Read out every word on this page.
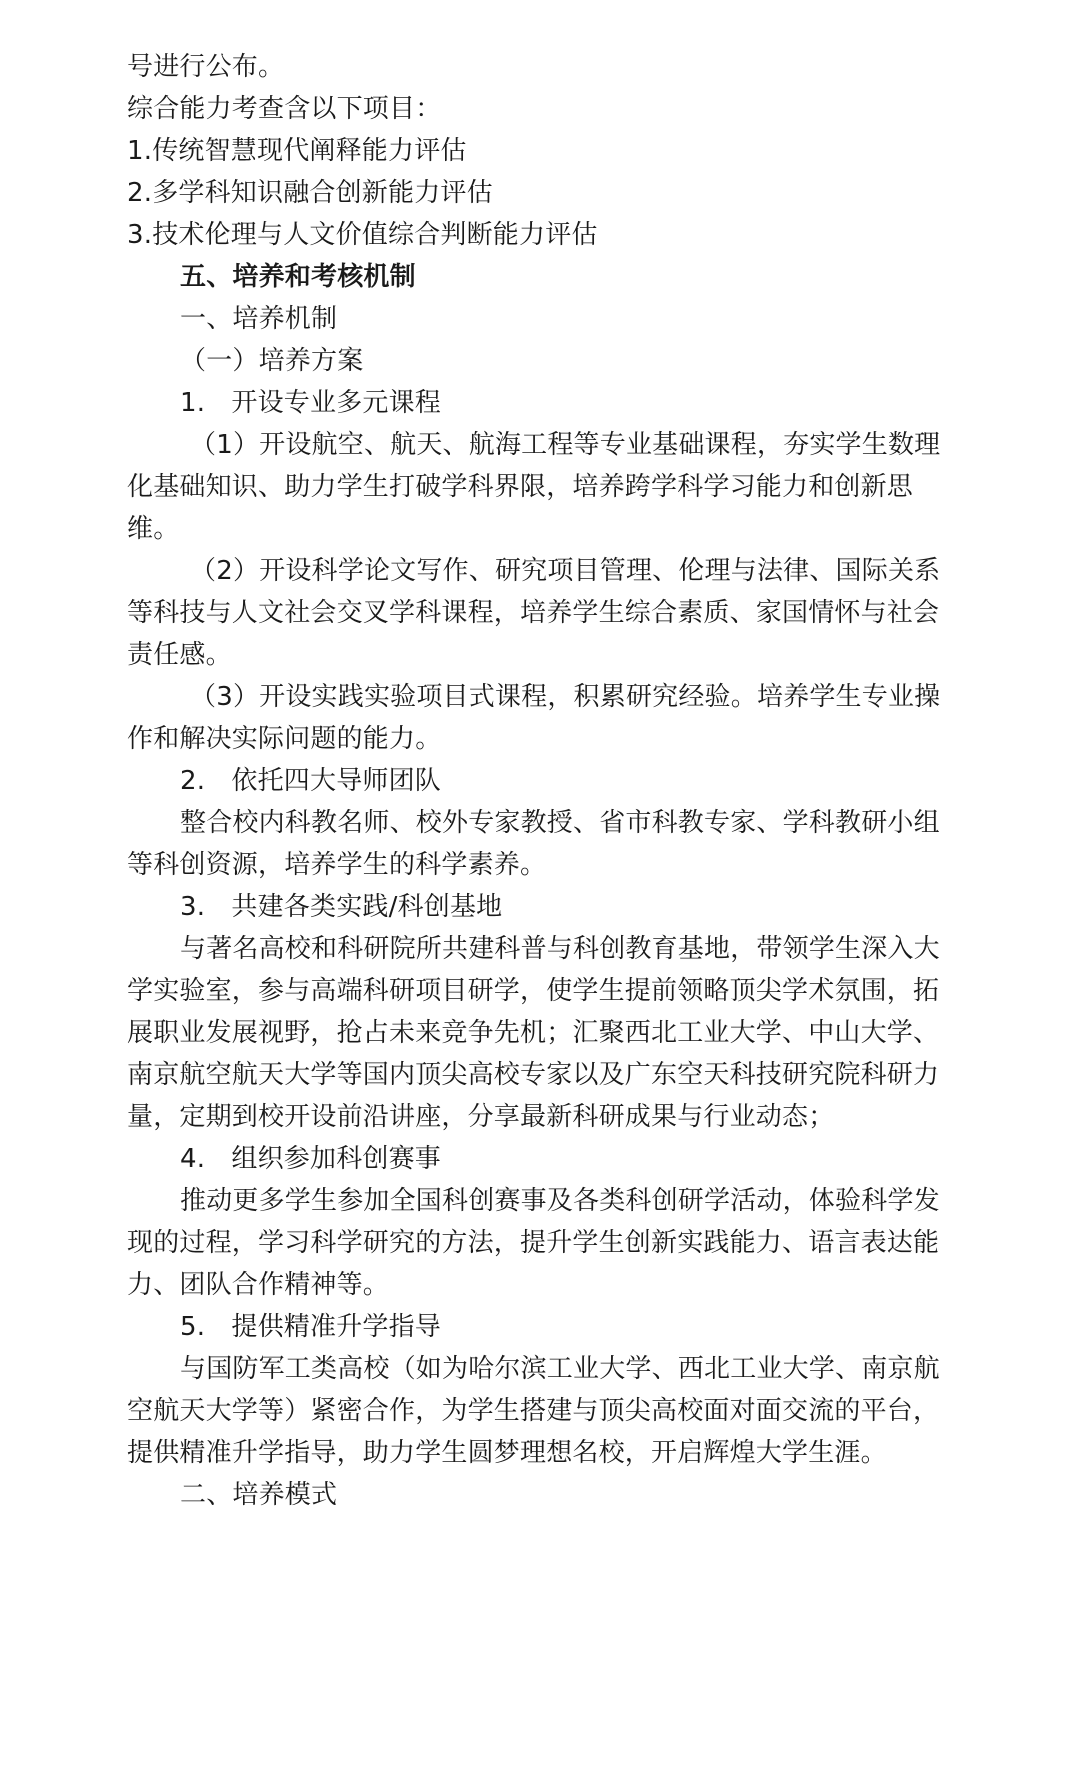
号进行公布。
综合能力考查含以下项目：
1.传统智慧现代阐释能力评估
2.多学科知识融合创新能力评估
3.技术伦理与人文价值综合判断能力评估
五、培养和考核机制
一、培养机制
（一）培养方案
1.　开设专业多元课程
（1）开设航空、航天、航海工程等专业基础课程，夯实学生数理
化基础知识、助力学生打破学科界限，培养跨学科学习能力和创新思
维。
（2）开设科学论文写作、研究项目管理、伦理与法律、国际关系
等科技与人文社会交叉学科课程，培养学生综合素质、家国情怀与社会
责任感。
（3）开设实践实验项目式课程，积累研究经验。培养学生专业操
作和解决实际问题的能力。
2.　依托四大导师团队
整合校内科教名师、校外专家教授、省市科教专家、学科教研小组
等科创资源，培养学生的科学素养。
3.　共建各类实践/科创基地
与著名高校和科研院所共建科普与科创教育基地，带领学生深入大
学实验室，参与高端科研项目研学，使学生提前领略顶尖学术氛围，拓
展职业发展视野，抢占未来竞争先机；汇聚西北工业大学、中山大学、
南京航空航天大学等国内顶尖高校专家以及广东空天科技研究院科研力
量，定期到校开设前沿讲座，分享最新科研成果与行业动态；
4.　组织参加科创赛事
推动更多学生参加全国科创赛事及各类科创研学活动，体验科学发
现的过程，学习科学研究的方法，提升学生创新实践能力、语言表达能
力、团队合作精神等。
5.　提供精准升学指导
与国防军工类高校（如为哈尔滨工业大学、西北工业大学、南京航
空航天大学等）紧密合作，为学生搭建与顶尖高校面对面交流的平台，
提供精准升学指导，助力学生圆梦理想名校，开启辉煌大学生涯。
二、培养模式
